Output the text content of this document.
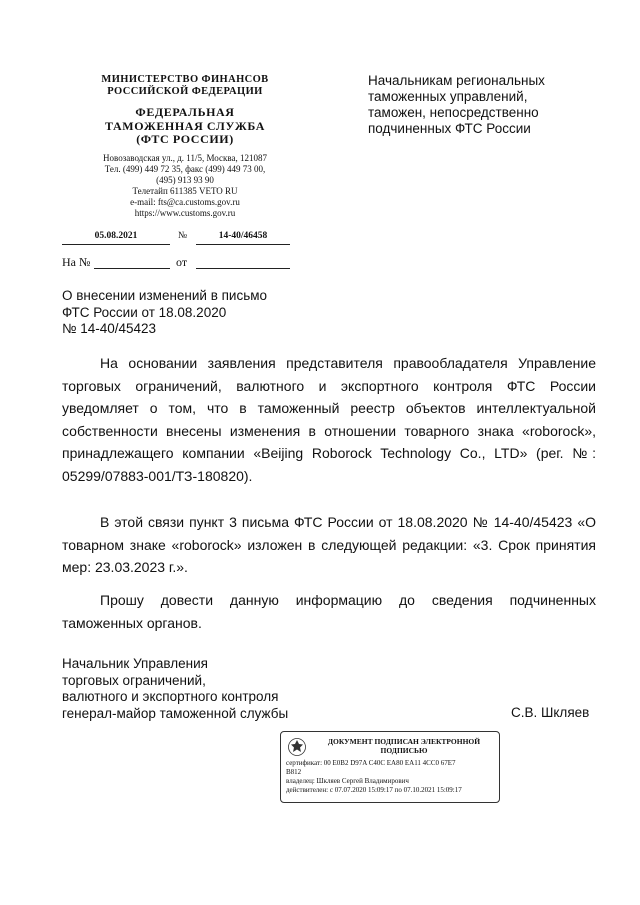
МИНИСТЕРСТВО ФИНАНСОВ
РОССИЙСКОЙ ФЕДЕРАЦИИ
ФЕДЕРАЛЬНАЯ
ТАМОЖЕННАЯ СЛУЖБА
(ФТС РОССИИ)
Новозаводская ул., д. 11/5, Москва, 121087
Тел. (499) 449 72 35, факс (499) 449 73 00,
(495) 913 93 90
Телетайп 611385 VETO RU
e-mail: fts@ca.customs.gov.ru
https://www.customs.gov.ru
05.08.2021	№	14-40/46458
На №	от
Начальникам региональных
таможенных управлений,
таможен, непосредственно
подчиненных ФТС России
О внесении изменений в письмо
ФТС России от 18.08.2020
№ 14-40/45423

На основании заявления представителя правообладателя Управление торговых ограничений, валютного и экспортного контроля ФТС России уведомляет о том, что в таможенный реестр объектов интеллектуальной собственности внесены изменения в отношении товарного знака «roborock», принадлежащего компании «Beijing Roborock Technology Co., LTD» (рег. №: 05299/07883-001/ТЗ-180820).

В этой связи пункт 3 письма ФТС России от 18.08.2020 № 14-40/45423 «О товарном знаке «roborock» изложен в следующей редакции: «3. Срок принятия мер: 23.03.2023 г.».

Прошу довести данную информацию до сведения подчиненных таможенных органов.

Начальник Управления
торговых ограничений,
валютного и экспортного контроля
генерал-майор таможенной службы	С.В. Шкляев
ДОКУМЕНТ ПОДПИСАН ЭЛЕКТРОННОЙ ПОДПИСЬЮ
сертификат: 00 E0B2 D97A C40C EA80 EA11 4CC0 67E7
B812
владелец: Шкляев Сергей Владимирович
действителен: с 07.07.2020 15:09:17 по 07.10.2021 15:09:17
